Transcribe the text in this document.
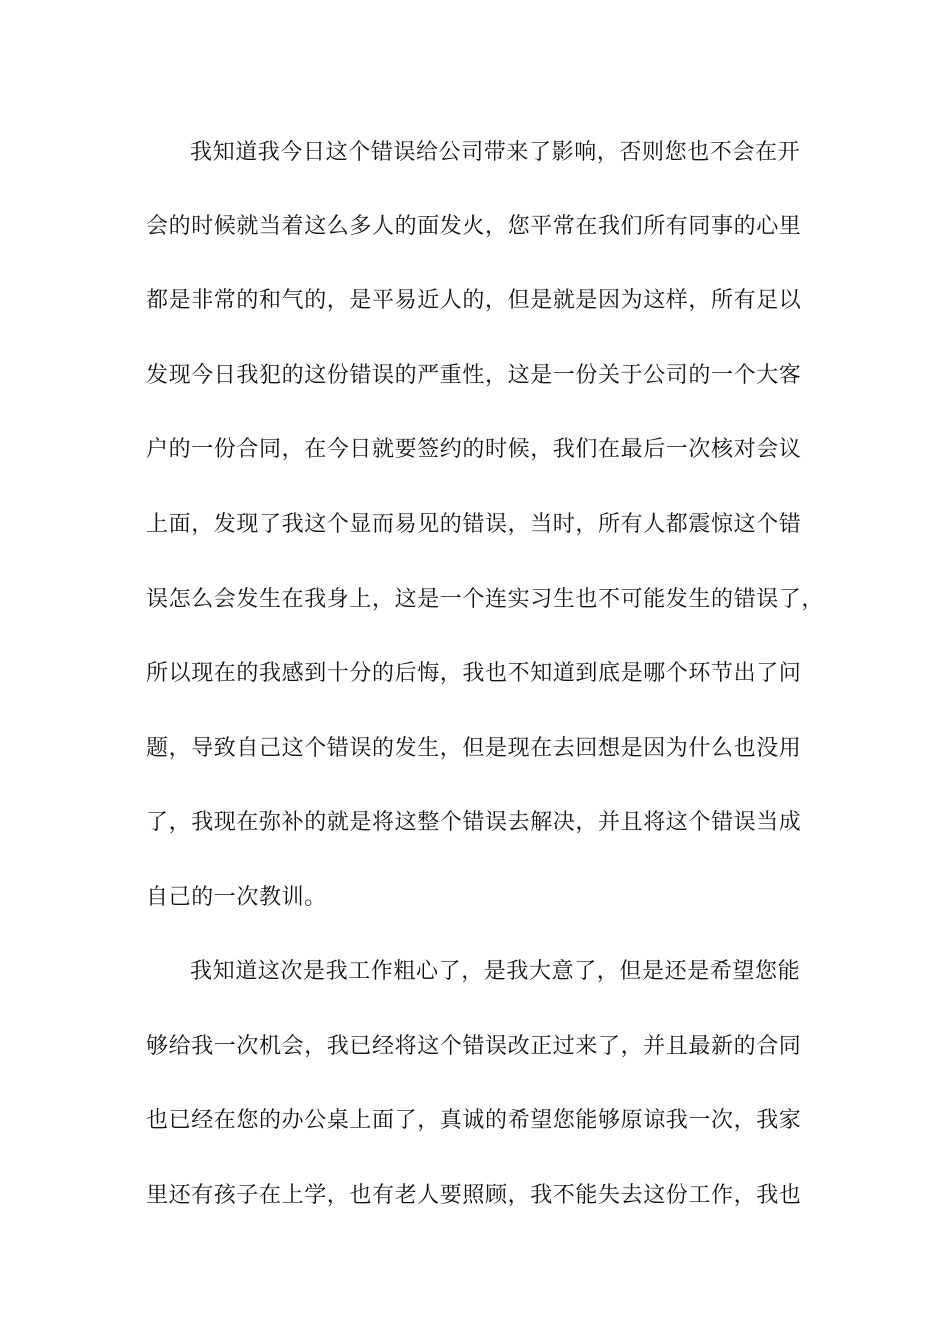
我知道我今日这个错误给公司带来了影响，否则您也不会在开
会的时候就当着这么多人的面发火，您平常在我们所有同事的心里
都是非常的和气的，是平易近人的，但是就是因为这样，所有足以
发现今日我犯的这份错误的严重性，这是一份关于公司的一个大客
户的一份合同，在今日就要签约的时候，我们在最后一次核对会议
上面，发现了我这个显而易见的错误，当时，所有人都震惊这个错
误怎么会发生在我身上，这是一个连实习生也不可能发生的错误了，
所以现在的我感到十分的后悔，我也不知道到底是哪个环节出了问
题，导致自己这个错误的发生，但是现在去回想是因为什么也没用
了，我现在弥补的就是将这整个错误去解决，并且将这个错误当成
自己的一次教训。
我知道这次是我工作粗心了，是我大意了，但是还是希望您能
够给我一次机会，我已经将这个错误改正过来了，并且最新的合同
也已经在您的办公桌上面了，真诚的希望您能够原谅我一次，我家
里还有孩子在上学，也有老人要照顾，我不能失去这份工作，我也
